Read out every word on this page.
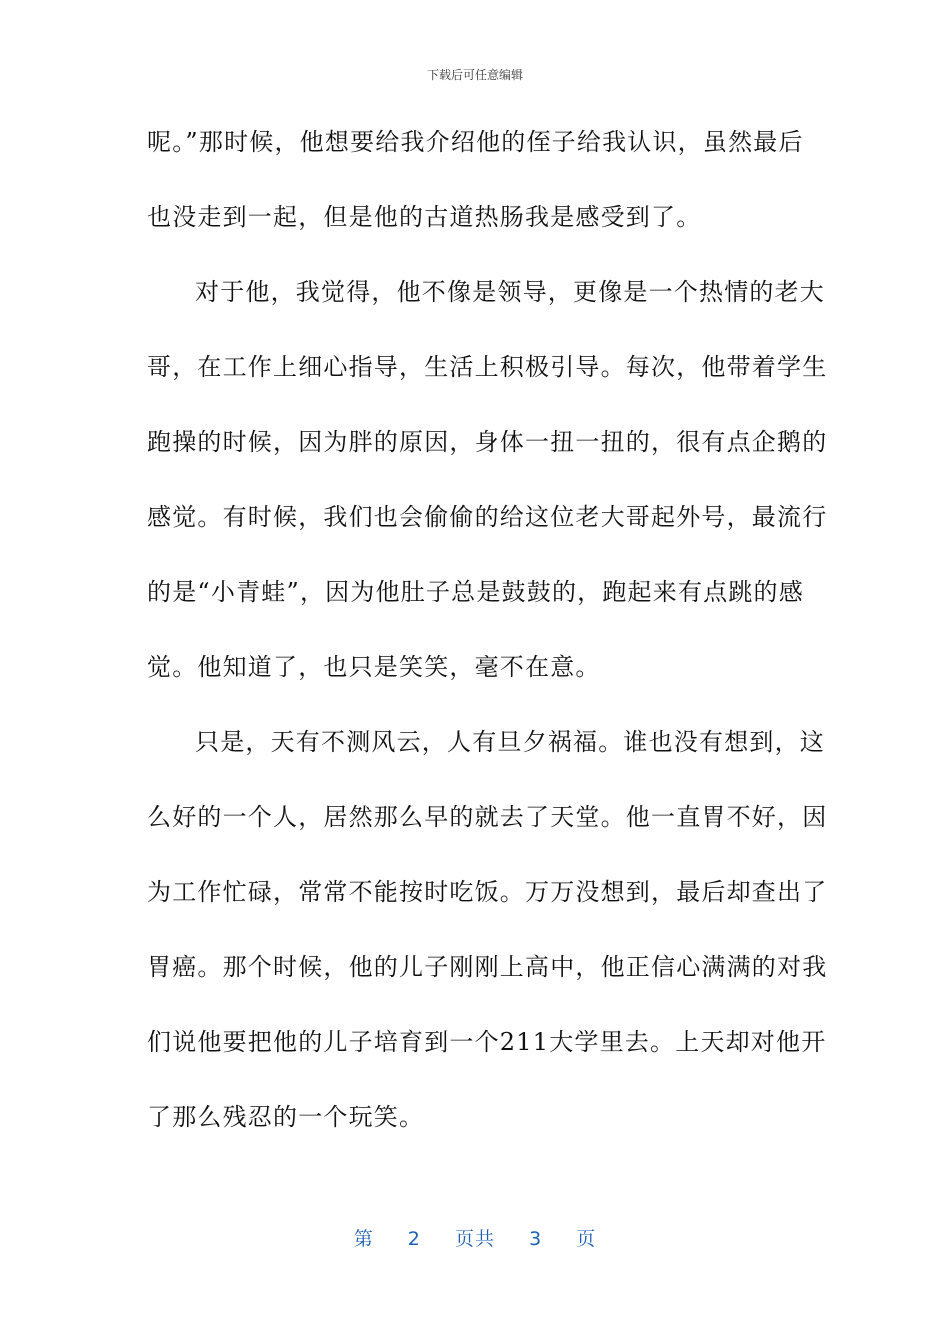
下载后可任意编辑
呢。”那时候，他想要给我介绍他的侄子给我认识，虽然最后
也没走到一起，但是他的古道热肠我是感受到了。
对于他，我觉得，他不像是领导，更像是一个热情的老大
哥，在工作上细心指导，生活上积极引导。每次，他带着学生
跑操的时候，因为胖的原因，身体一扭一扭的，很有点企鹅的
感觉。有时候，我们也会偷偷的给这位老大哥起外号，最流行
的是“小青蛙”，因为他肚子总是鼓鼓的，跑起来有点跳的感
觉。他知道了，也只是笑笑，毫不在意。
只是，天有不测风云，人有旦夕祸福。谁也没有想到，这
么好的一个人，居然那么早的就去了天堂。他一直胃不好，因
为工作忙碌，常常不能按时吃饭。万万没想到，最后却查出了
胃癌。那个时候，他的儿子刚刚上高中，他正信心满满的对我
们说他要把他的儿子培育到一个211大学里去。上天却对他开
了那么残忍的一个玩笑。
第 2 页共 3 页
